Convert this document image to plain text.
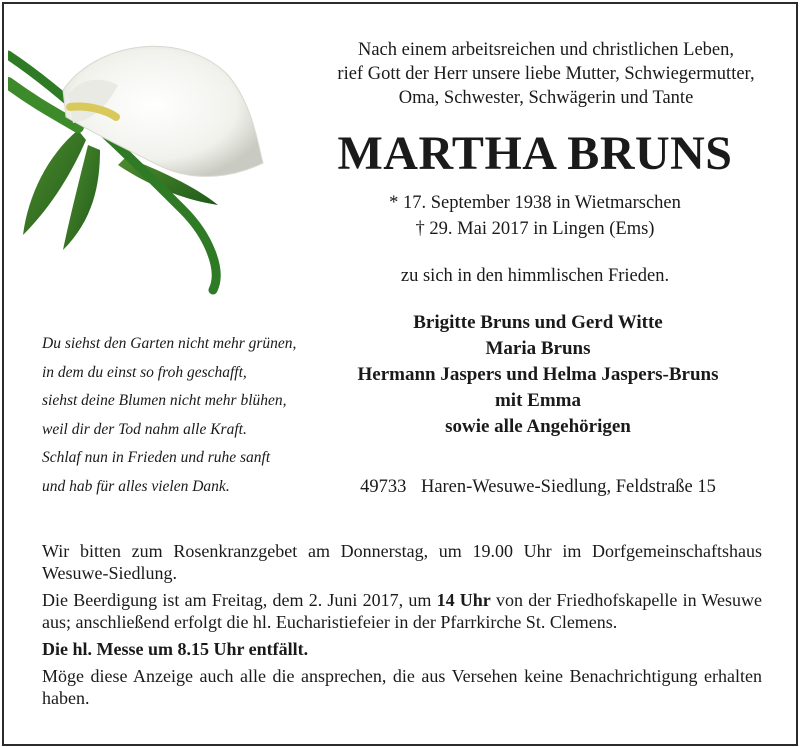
Nach einem arbeitsreichen und christlichen Leben,
rief Gott der Herr unsere liebe Mutter, Schwiegermutter,
Oma, Schwester, Schwägerin und Tante
MARTHA BRUNS
* 17. September 1938 in Wietmarschen
† 29. Mai 2017 in Lingen (Ems)
zu sich in den himmlischen Frieden.
Brigitte Bruns und Gerd Witte
Maria Bruns
Hermann Jaspers und Helma Jaspers-Bruns
mit Emma
sowie alle Angehörigen
Du siehst den Garten nicht mehr grünen,
in dem du einst so froh geschafft,
siehst deine Blumen nicht mehr blühen,
weil dir der Tod nahm alle Kraft.
Schlaf nun in Frieden und ruhe sanft
und hab für alles vielen Dank.	49733 Haren-Wesuwe-Siedlung, Feldstraße 15

Wir bitten zum Rosenkranzgebet am Donnerstag, um 19.00 Uhr im Dorfgemeinschaftshaus Wesuwe-Siedlung.

Die Beerdigung ist am Freitag, dem 2. Juni 2017, um 14 Uhr von der Friedhofskapelle in Wesuwe aus; anschließend erfolgt die hl. Eucharistiefeier in der Pfarrkirche St. Clemens.

Die hl. Messe um 8.15 Uhr entfällt.

Möge diese Anzeige auch alle die ansprechen, die aus Versehen keine Benachrichtigung erhalten haben.
